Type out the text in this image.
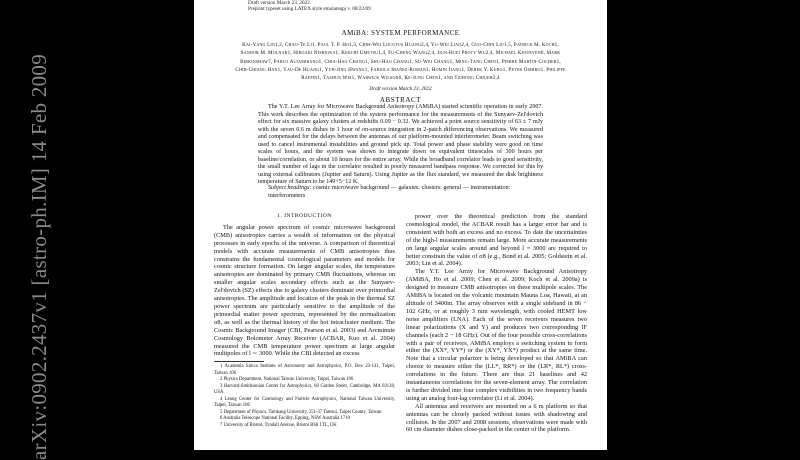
arXiv:0902.2437v1 [astro-ph.IM] 14 Feb 2009
Draft version March 23, 2022
Preprint typeset using LATEX style emulateapj v. 08/22/09
AMiBA: SYSTEM PERFORMANCE
Kai-Yang Lin1,2, Chao-Te Li1, Paul T. P. Ho1,3, Chih-Wei Locutus Huang2,4, Yu-Wei Liao2,4, Guo-Chin Liu1,5, Patrick M. Koch1, Sandor M. Molnar1, Hiroaki Nishioka1, Keiichi Umetsu1,4, Fu-Cheng Wang2,4, Jiun-Huei Proty Wu2,4, Michael Kesteven6, Mark Birkinshaw7, Pablo Altamirano1, Chia-Hao Chang1, Shu-Hao Chang1, Su-Wei Chang1, Ming-Tang Chen1, Pierre Martin-Cocher1, Chih-Chiang Han1, Yau-De Huang1, Yuh-Jing Hwang1, Fabiola Ibañez-Roman1, Homin Jiang1, Derek Y. Kubo1, Peter Oshiro1, Philippe Raffin1, Tashun Wei1, Warwick Wilson6, Ke-Jung Chen1, and Tzihong Chiueh2,4
Draft version March 23, 2022
ABSTRACT

The Y.T. Lee Array for Microwave Background Anisotropy (AMiBA) started scientific operation in early 2007. This work describes the optimization of the system performance for the measurements of the Sunyaev-Zel'dovich effect for six massive galaxy clusters at redshifts 0.09 − 0.32. We achieved a point source sensitivity of 63 ± 7 mJy with the seven 0.6 m dishes in 1 hour of on-source integration in 2-patch differencing observations. We measured and compensated for the delays between the antennas of our platform-mounted interferometer. Beam switching was used to cancel instrumental instabilities and ground pick up. Total power and phase stability were good on time scales of hours, and the system was shown to integrate down on equivalent timescales of 300 hours per baseline/correlation, or about 10 hours for the entire array. While the broadband correlator leads to good sensitivity, the small number of lags in the correlator resulted in poorly measured bandpass response. We corrected for this by using external calibrators (Jupiter and Saturn). Using Jupiter as the flux standard, we measured the disk brightness temperature of Saturn to be 149+5−12 K.

Subject headings: cosmic microwave background — galaxies: clusters: general — instrumentation: interferometers

1. INTRODUCTION

The angular power spectrum of cosmic microwave background (CMB) anisotropies carries a wealth of information on the physical processes in early epochs of the universe. A comparison of theoretical models with accurate measurements of CMB anisotropies thus constrains the fundamental cosmological parameters and models for cosmic structure formation. On larger angular scales, the temperature anisotropies are dominated by primary CMB fluctuations, whereas on smaller angular scales secondary effects such as the Sunyaev-Zel'dovich (SZ) effects due to galaxy clusters dominate over primordial anisotropies. The amplitude and location of the peak in the thermal SZ power spectrum are particularly sensitive to the amplitude of the primordial matter power spectrum, represented by the normalization σ8, as well as the thermal history of the hot intracluster medium. The Cosmic Background Imager (CBI, Pearson et al. 2003) and Arcminute Cosmology Bolometer Array Receiver (ACBAR, Kuo et al. 2004) measured the CMB temperature power spectrum at large angular multipoles of l ∼ 3000. While the CBI detected an excess

1 Academia Sinica Institute of Astronomy and Astrophysics, P.O. Box 23-141, Taipei, Taiwan 106

2 Physics Department, National Taiwan University, Taipei, Taiwan 106

3 Harvard-Smithsonian Center for Astrophysics, 60 Garden Street, Cambridge, MA 02138, USA

4 Leung Center for Cosmology and Particle Astrophysics, National Taiwan University, Taipei, Taiwan 106

5 Department of Physics, Tamkang University, 251-37 Tamsui, Taipei County, Taiwan

6 Australia Telescope National Facility, Epping, NSW Australia 1710

7 University of Bristol, Tyndall Avenue, Bristol BS8 1TL, UK

power over the theoretical prediction from the standard cosmological model, the ACBAR result has a larger error bar and is consistent with both an excess and no excess. To date the uncertainties of the high-l measurements remain large. More accurate measurements on large angular scales around and beyond l = 3000 are required to better constrain the value of σ8 (e.g., Bond et al. 2005; Goldstein et al. 2003; Lin et al. 2004).

The Y.T. Lee Array for Microwave Background Anisotropy (AMiBA, Ho et al. 2009; Chen et al. 2009; Koch et al. 2009a) is designed to measure CMB anisotropies on these multipole scales. The AMiBA is located on the volcanic mountain Mauna Loa, Hawaii, at an altitude of 3400m. The array observes with a single sideband in 86 − 102 GHz, or at roughly 3 mm wavelength, with cooled HEMT low noise amplifiers (LNA). Each of the seven receivers measures two linear polarizations (X and Y) and produces two corresponding IF channels (each 2 − 18 GHz). Out of the four possible cross-correlations with a pair of receivers, AMiBA employs a switching system to form either the (XX*, YY*) or the (XY*, YX*) product at the same time. Note that a circular polarizer is being developed so that AMiBA can choose to measure either the (LL*, RR*) or the (LR*, RL*) cross-correlations in the future. There are thus 21 baselines and 42 instantaneous correlations for the seven-element array. The correlation is further divided into four complex visibilities in two frequency bands using an analog four-lag correlator (Li et al. 2004).

All antennas and receivers are mounted on a 6 m platform so that antennas can be closely packed without issues with shadowing and collision. In the 2007 and 2008 sessions, observations were made with 60 cm diameter dishes close-packed in the center of the platform.
